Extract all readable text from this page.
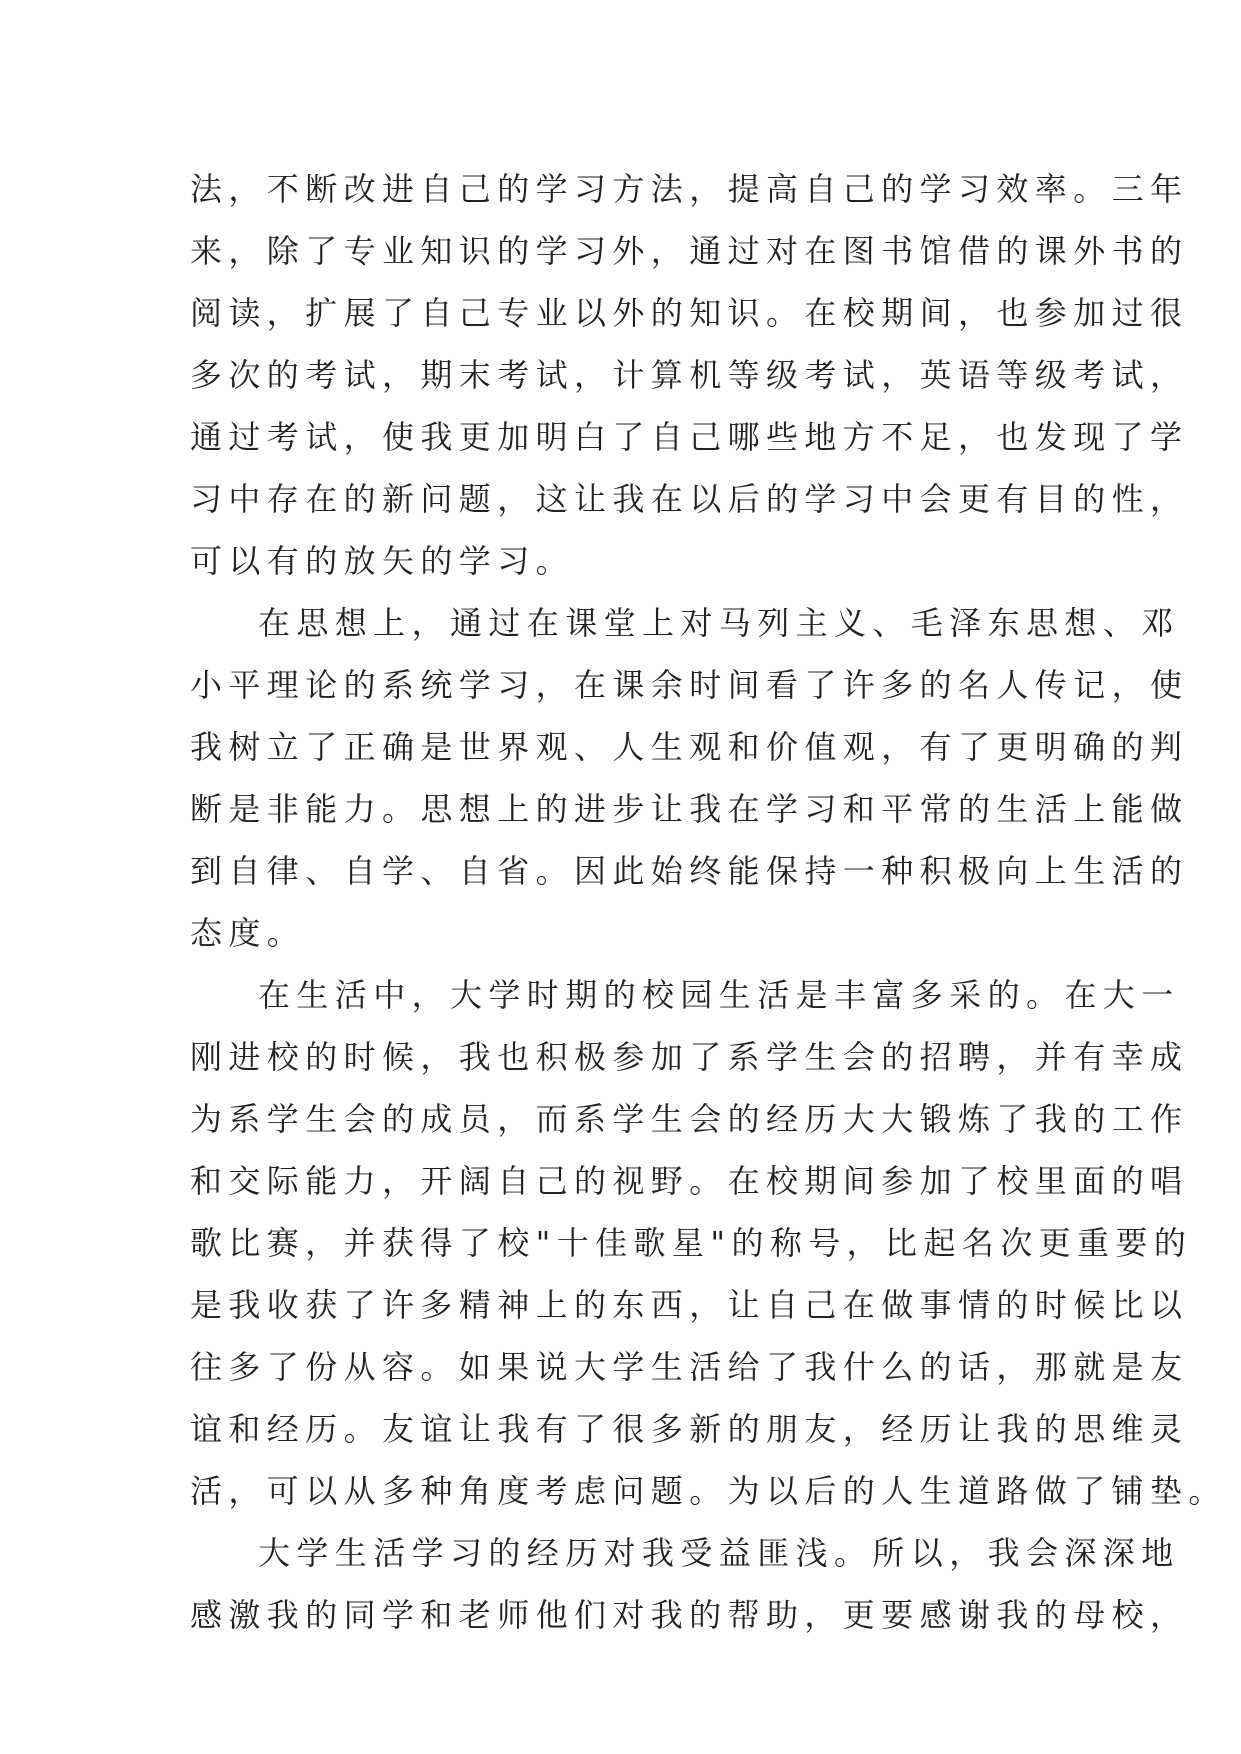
法，不断改进自己的学习方法，提高自己的学习效率。三年
来，除了专业知识的学习外，通过对在图书馆借的课外书的
阅读，扩展了自己专业以外的知识。在校期间，也参加过很
多次的考试，期末考试，计算机等级考试，英语等级考试，
通过考试，使我更加明白了自己哪些地方不足，也发现了学
习中存在的新问题，这让我在以后的学习中会更有目的性，
可以有的放矢的学习。
在思想上，通过在课堂上对马列主义、毛泽东思想、邓
小平理论的系统学习，在课余时间看了许多的名人传记，使
我树立了正确是世界观、人生观和价值观，有了更明确的判
断是非能力。思想上的进步让我在学习和平常的生活上能做
到自律、自学、自省。因此始终能保持一种积极向上生活的
态度。
在生活中，大学时期的校园生活是丰富多采的。在大一
刚进校的时候，我也积极参加了系学生会的招聘，并有幸成
为系学生会的成员，而系学生会的经历大大锻炼了我的工作
和交际能力，开阔自己的视野。在校期间参加了校里面的唱
歌比赛，并获得了校"十佳歌星"的称号，比起名次更重要的
是我收获了许多精神上的东西，让自己在做事情的时候比以
往多了份从容。如果说大学生活给了我什么的话，那就是友
谊和经历。友谊让我有了很多新的朋友，经历让我的思维灵
活，可以从多种角度考虑问题。为以后的人生道路做了铺垫。
大学生活学习的经历对我受益匪浅。所以，我会深深地
感激我的同学和老师他们对我的帮助，更要感谢我的母校，
